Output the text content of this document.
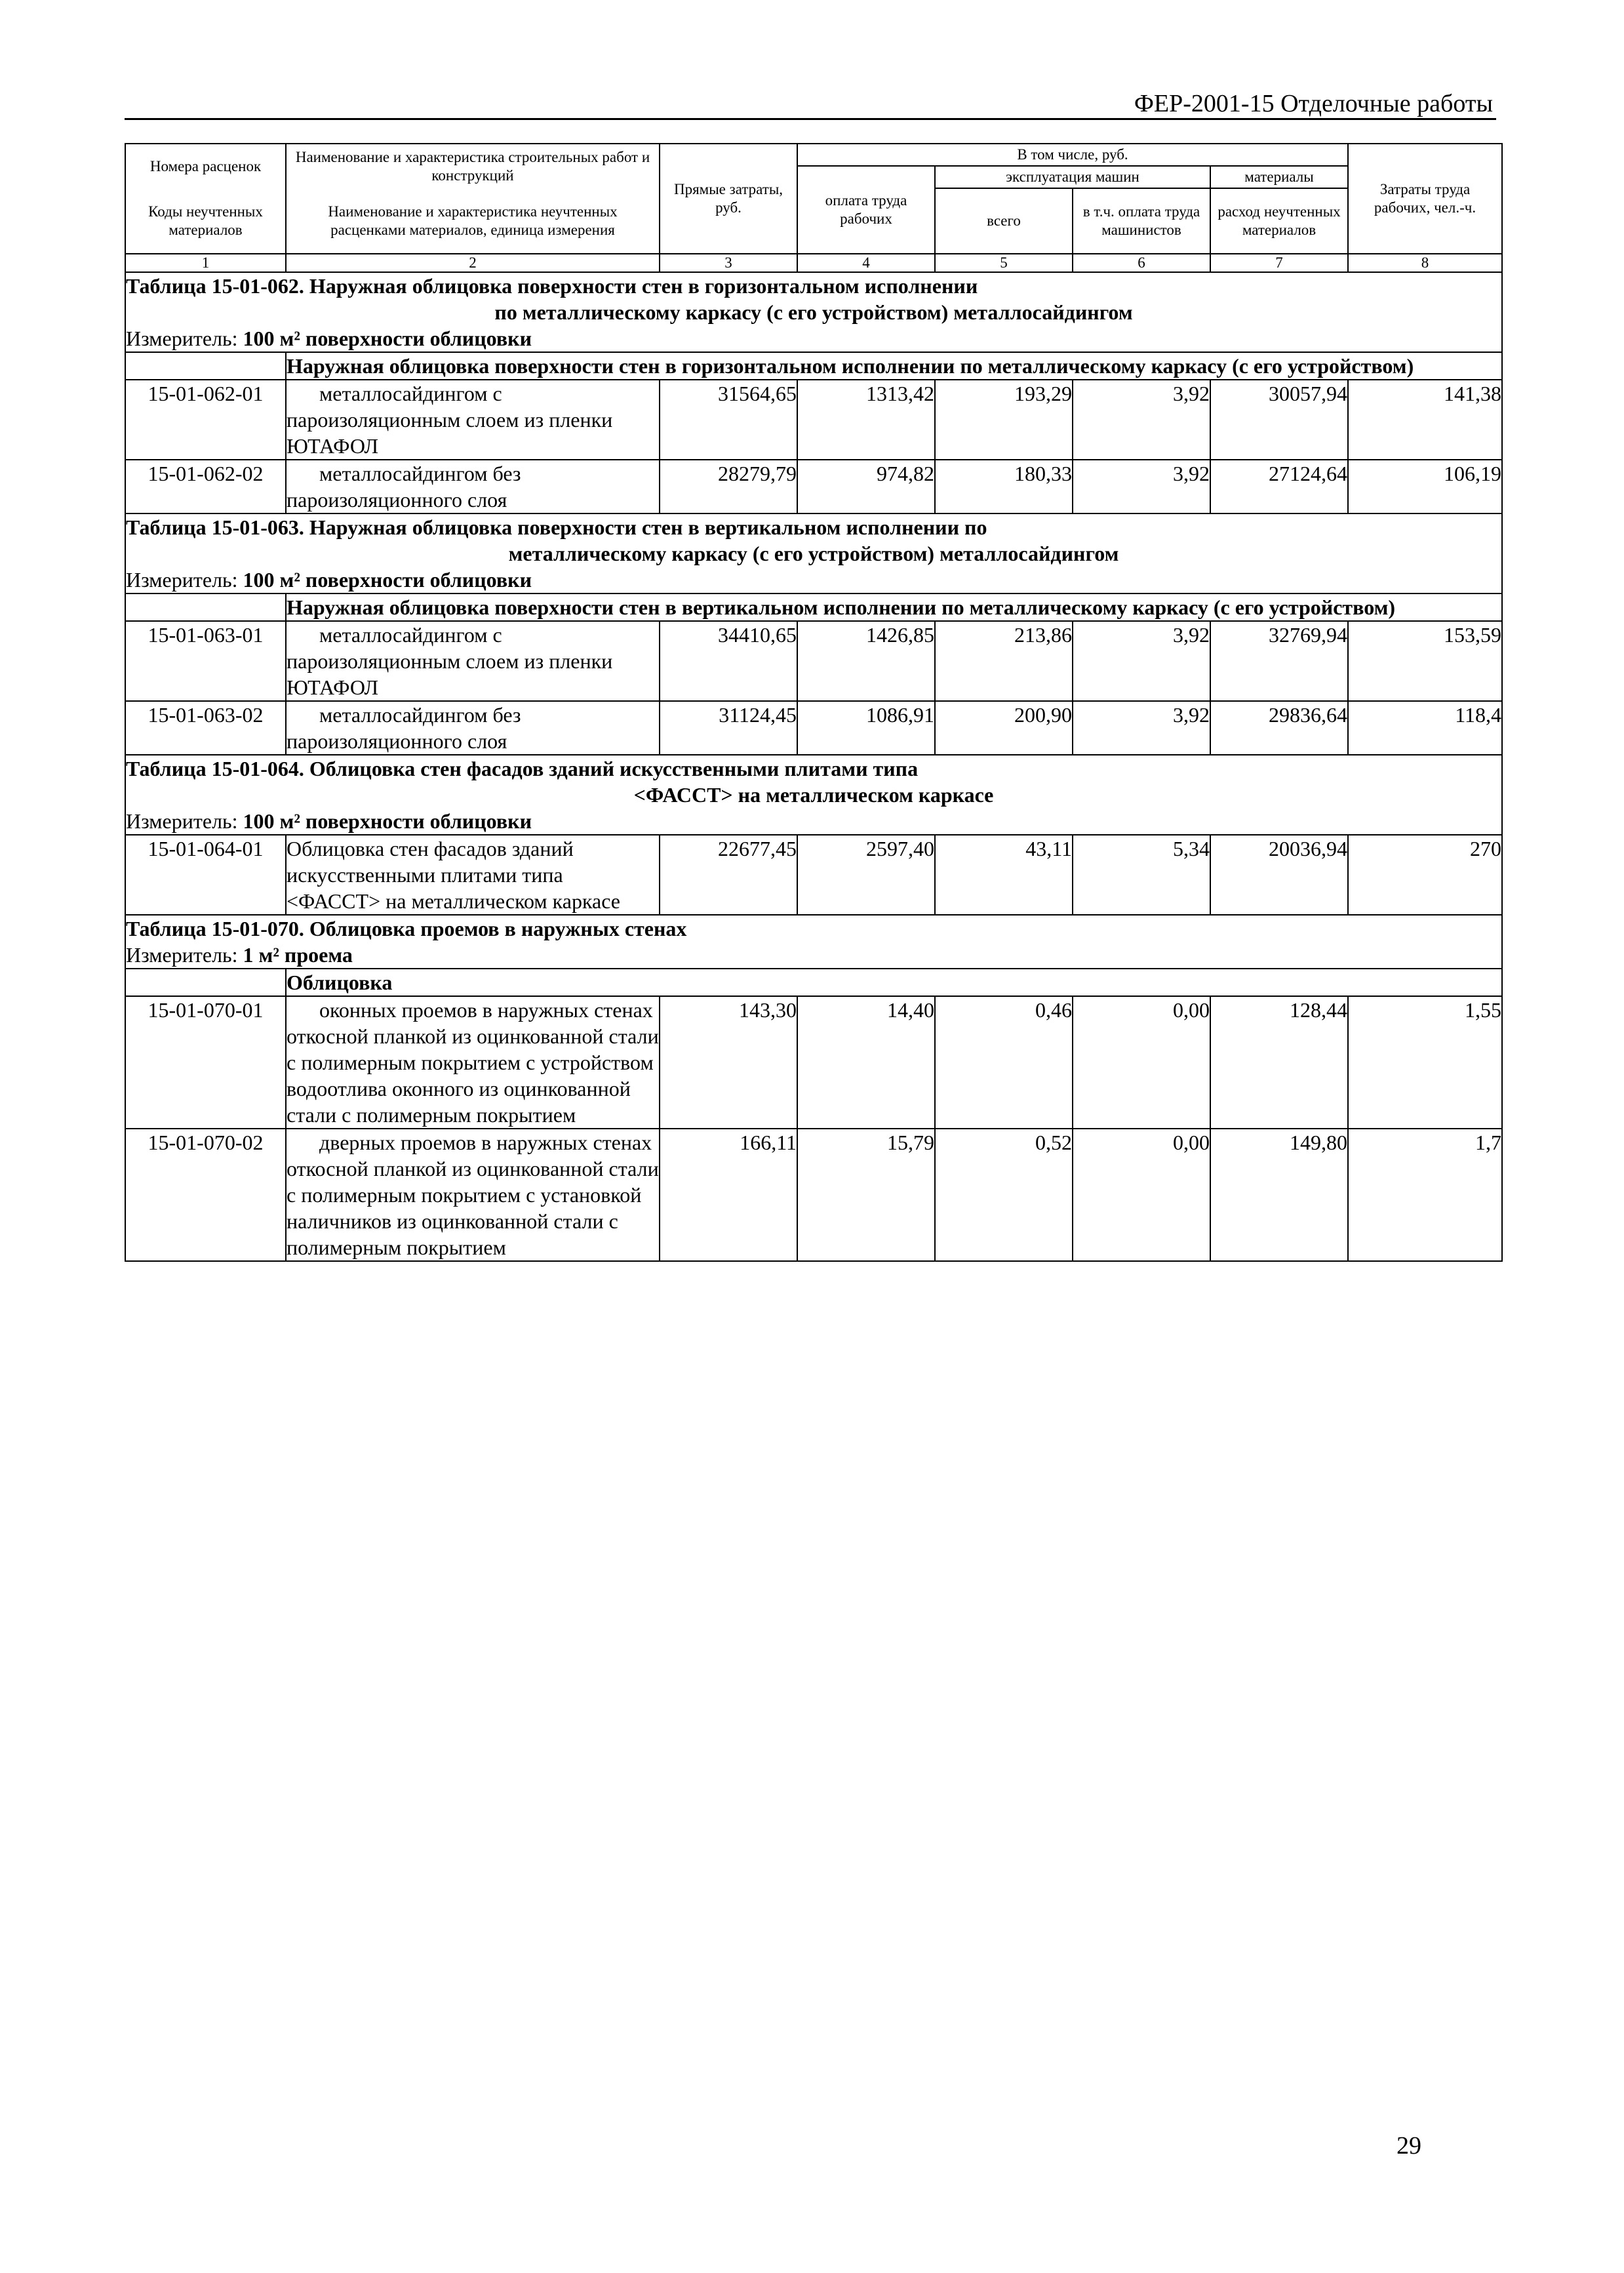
ФЕР-2001-15 Отделочные работы
Номера расценок	Наименование и характеристика строительных работ и конструкций	Прямые затраты, руб.	В том числе, руб.				Затраты труда рабочих, чел.-ч.
			оплата труда рабочих	эксплуатация машин		материалы	
Коды неучтенных материалов	Наименование и характеристика неучтенных расценками материалов, единица измерения			всего	в т.ч. оплата труда машинистов	расход неучтенных материалов	

1	2	3	4	5	6	7	8
Таблица 15-01-062. Наружная облицовка поверхности стен в горизонтальном исполнении
по металлическому каркасу (с его устройством) металлосайдингом							

Измеритель: 100 м² поверхности облицовки							
	Наружная облицовка поверхности стен в горизонтальном исполнении по металлическому каркасу (с его устройством)						
15-01-062-01	металлосайдингом с пароизоляционным слоем из пленки ЮТАФОЛ	31564,65	1313,42	193,29	3,92	30057,94	141,38
15-01-062-02	металлосайдингом без пароизоляционного слоя	28279,79	974,82	180,33	3,92	27124,64	106,19
Таблица 15-01-063. Наружная облицовка поверхности стен в вертикальном исполнении по
металлическому каркасу (с его устройством) металлосайдингом							

Измеритель: 100 м² поверхности облицовки							
	Наружная облицовка поверхности стен в вертикальном исполнении по металлическому каркасу (с его устройством)						
15-01-063-01	металлосайдингом с пароизоляционным слоем из пленки ЮТАФОЛ	34410,65	1426,85	213,86	3,92	32769,94	153,59
15-01-063-02	металлосайдингом без пароизоляционного слоя	31124,45	1086,91	200,90	3,92	29836,64	118,4
Таблица 15-01-064. Облицовка стен фасадов зданий искусственными плитами типа
<ФАССТ> на металлическом каркасе							

Измеритель: 100 м² поверхности облицовки							
15-01-064-01	Облицовка стен фасадов зданий искусственными плитами типа <ФАССТ> на металлическом каркасе	22677,45	2597,40	43,11	5,34	20036,94	270
Таблица 15-01-070. Облицовка проемов в наружных стенах							
Измеритель: 1 м² проема							
	Облицовка						
15-01-070-01	оконных проемов в наружных стенах откосной планкой из оцинкованной стали с полимерным покрытием с устройством водоотлива оконного из оцинкованной стали с полимерным покрытием	143,30	14,40	0,46	0,00	128,44	1,55
15-01-070-02	дверных проемов в наружных стенах откосной планкой из оцинкованной стали с полимерным покрытием с установкой наличников из оцинкованной стали с полимерным покрытием	166,11	15,79	0,52	0,00	149,80	1,7
29
